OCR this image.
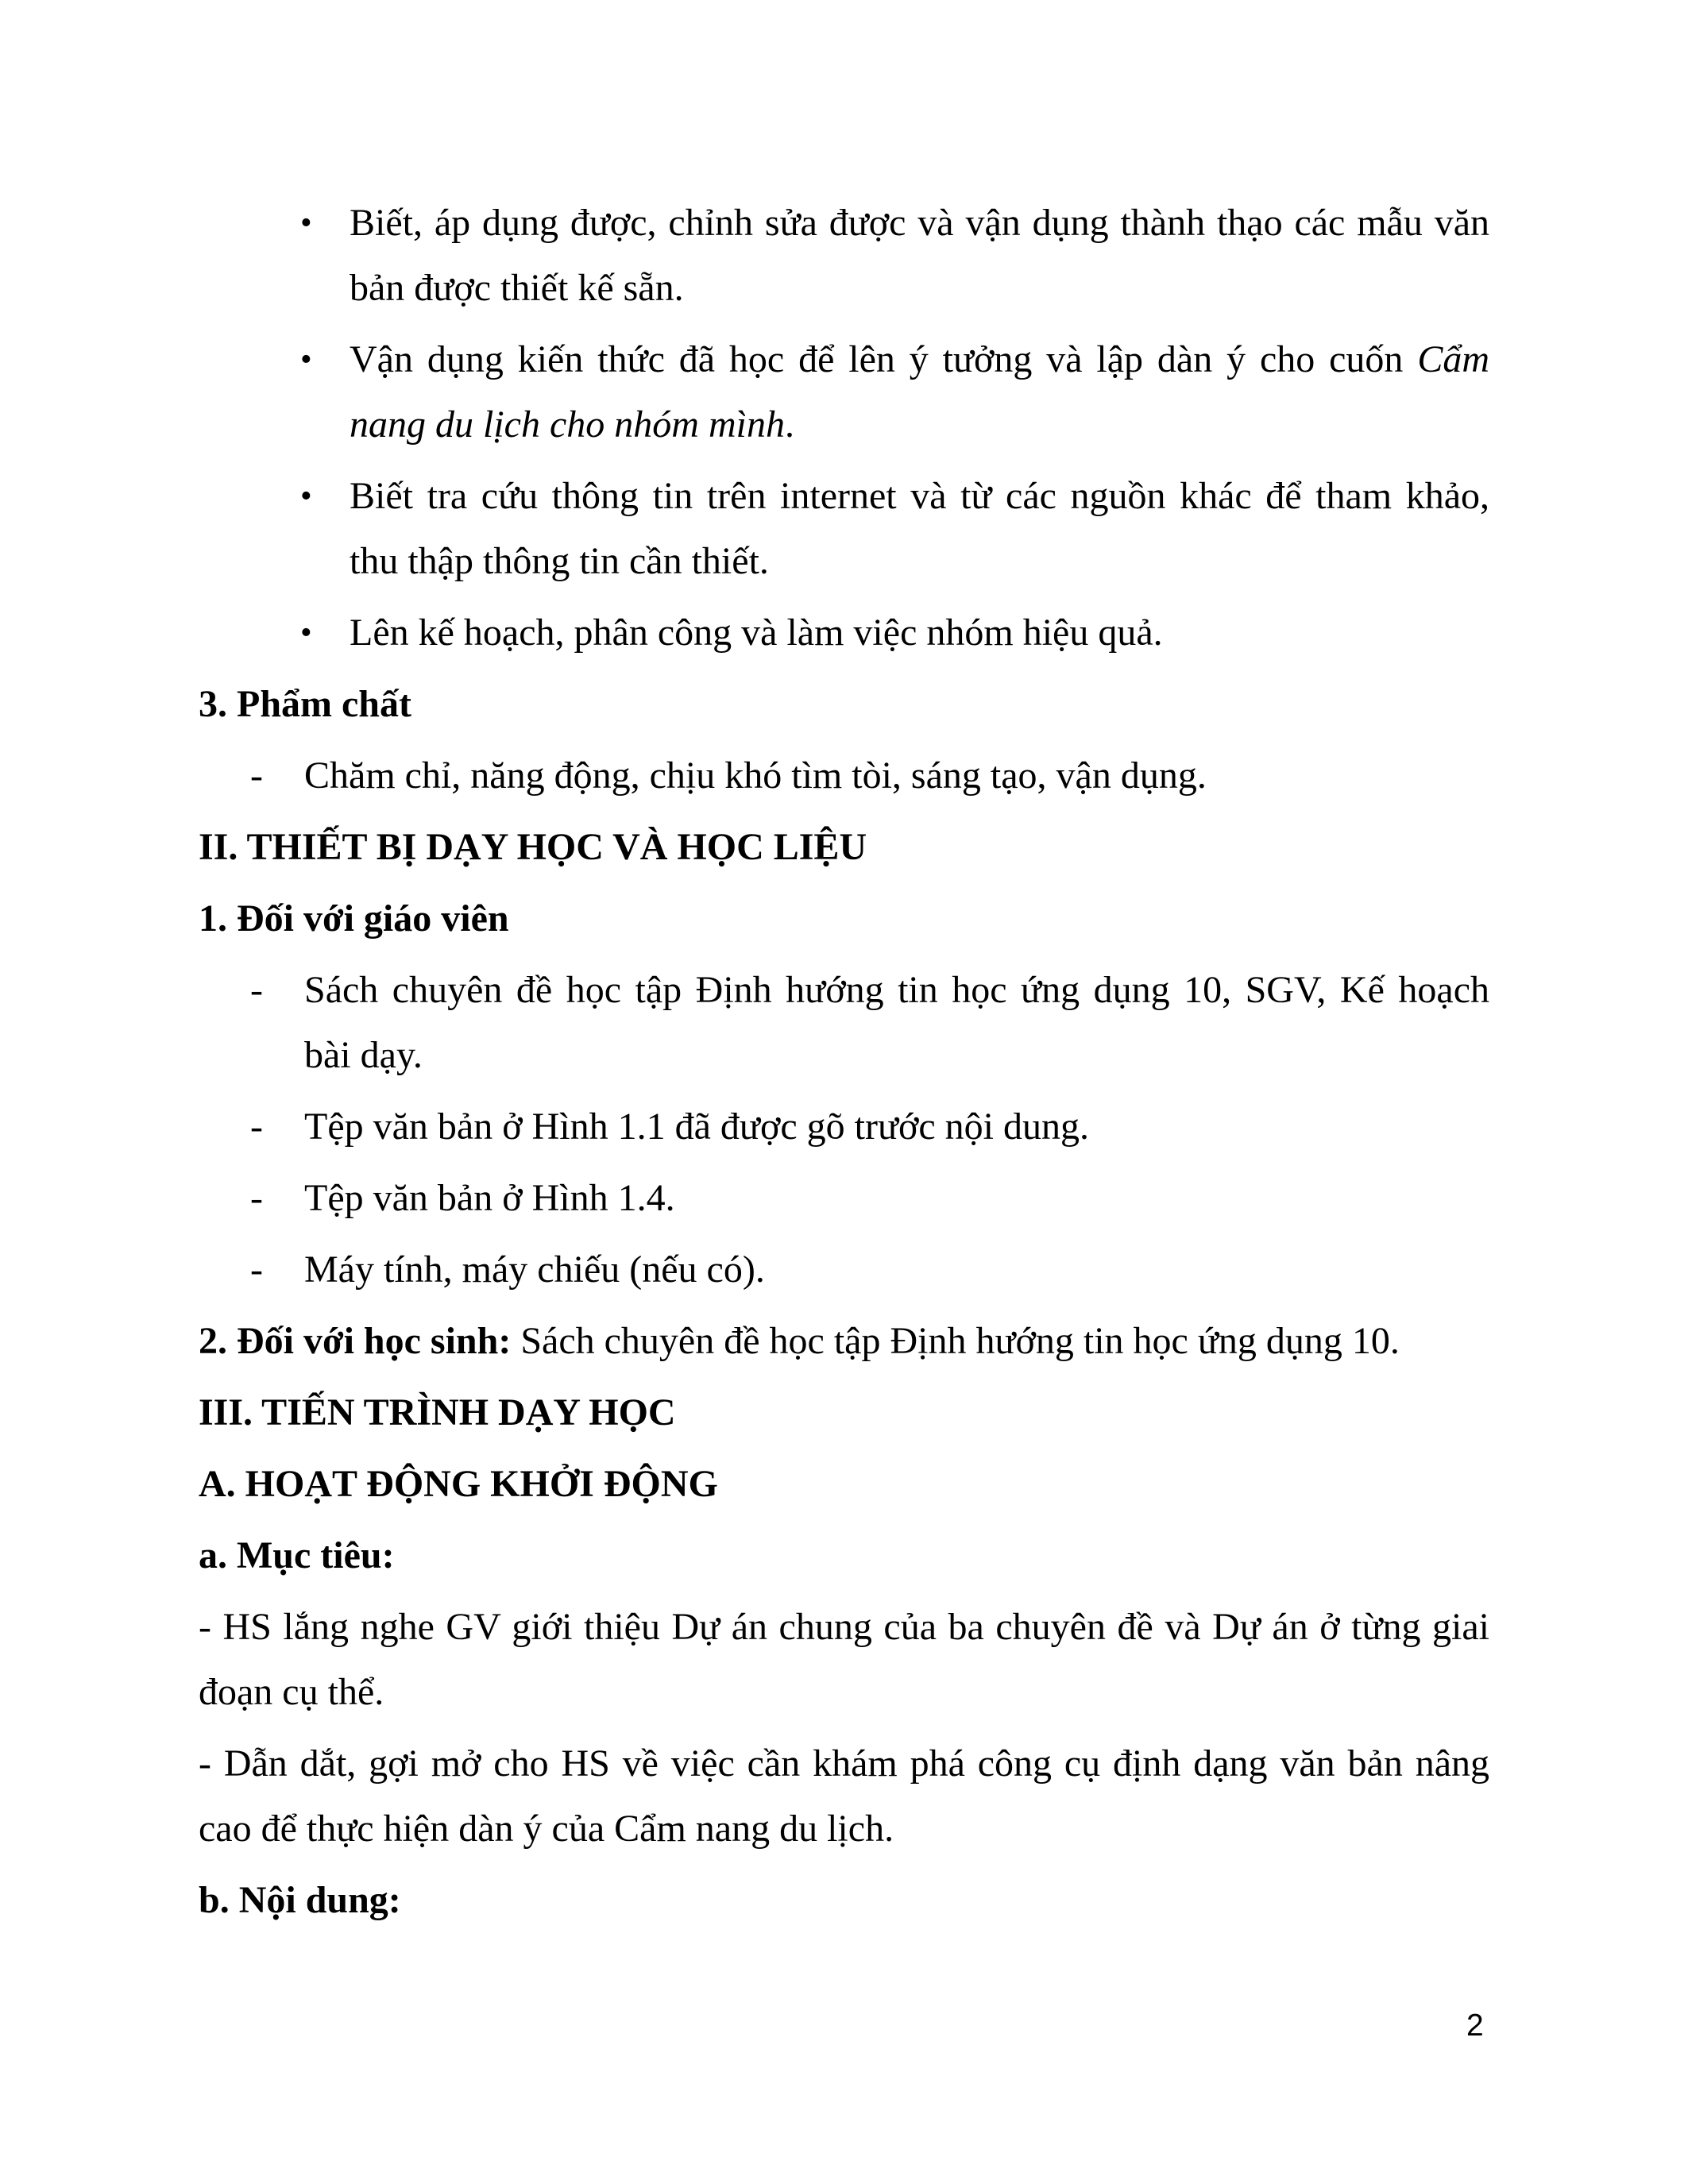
• Biết, áp dụng được, chỉnh sửa được và vận dụng thành thạo các mẫu văn
bản được thiết kế sẵn.
• Vận dụng kiến thức đã học để lên ý tưởng và lập dàn ý cho cuốn Cẩm
nang du lịch cho nhóm mình.
• Biết tra cứu thông tin trên internet và từ các nguồn khác để tham khảo,
thu thập thông tin cần thiết.
• Lên kế hoạch, phân công và làm việc nhóm hiệu quả.
3. Phẩm chất
- Chăm chỉ, năng động, chịu khó tìm tòi, sáng tạo, vận dụng.
II. THIẾT BỊ DẠY HỌC VÀ HỌC LIỆU
1. Đối với giáo viên
- Sách chuyên đề học tập Định hướng tin học ứng dụng 10, SGV, Kế hoạch
bài dạy.
- Tệp văn bản ở Hình 1.1 đã được gõ trước nội dung.
- Tệp văn bản ở Hình 1.4.
- Máy tính, máy chiếu (nếu có).
2. Đối với học sinh: Sách chuyên đề học tập Định hướng tin học ứng dụng 10.
III. TIẾN TRÌNH DẠY HỌC
A. HOẠT ĐỘNG KHỞI ĐỘNG
a. Mục tiêu:
- HS lắng nghe GV giới thiệu Dự án chung của ba chuyên đề và Dự án ở từng giai
đoạn cụ thể.
- Dẫn dắt, gợi mở cho HS về việc cần khám phá công cụ định dạng văn bản nâng
cao để thực hiện dàn ý của Cẩm nang du lịch.
b. Nội dung:
2
